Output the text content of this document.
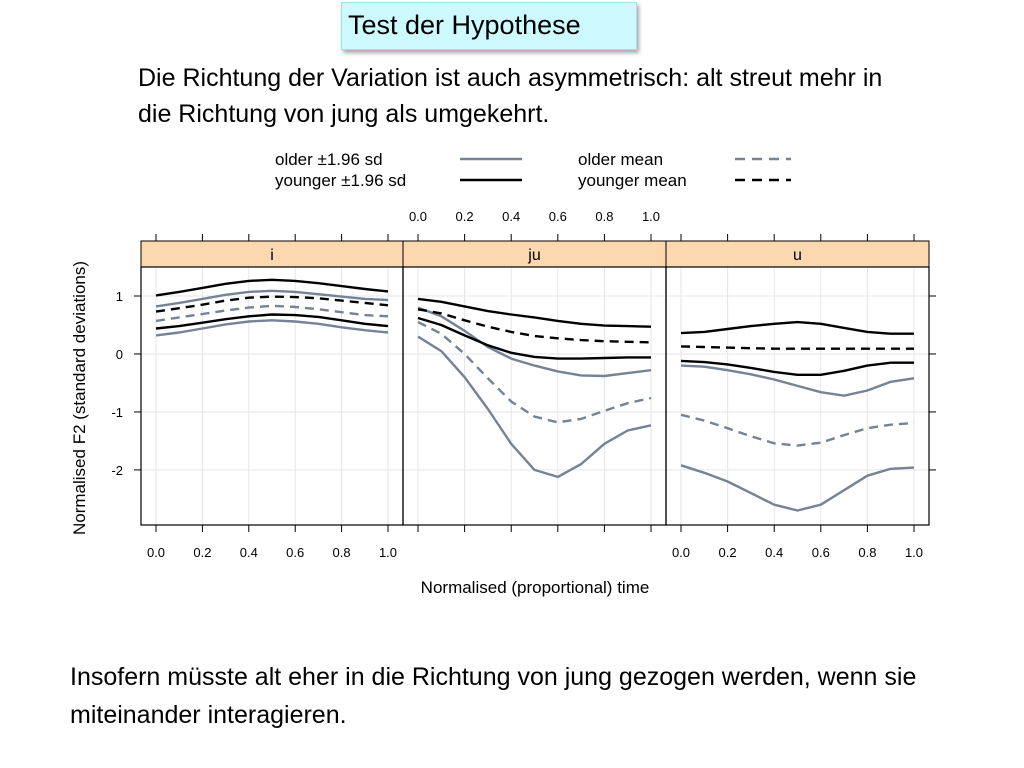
Test der Hypothese
Die Richtung der Variation ist auch asymmetrisch: alt streut mehr in die Richtung von jung als umgekehrt.
i	ju	u
1
0
-1
-2
0.0 0.2 0.4 0.6 0.8 1.0
0.0 0.2 0.4 0.6 0.8 1.0
0.0 0.2 0.4 0.6 0.8 1.0
Normalised (proportional) time
Normalised F2 (standard deviations)
older ±1.96 sd	older mean
younger ±1.96 sd	younger mean
Insofern müsste alt eher in die Richtung von jung gezogen werden, wenn sie miteinander interagieren.
